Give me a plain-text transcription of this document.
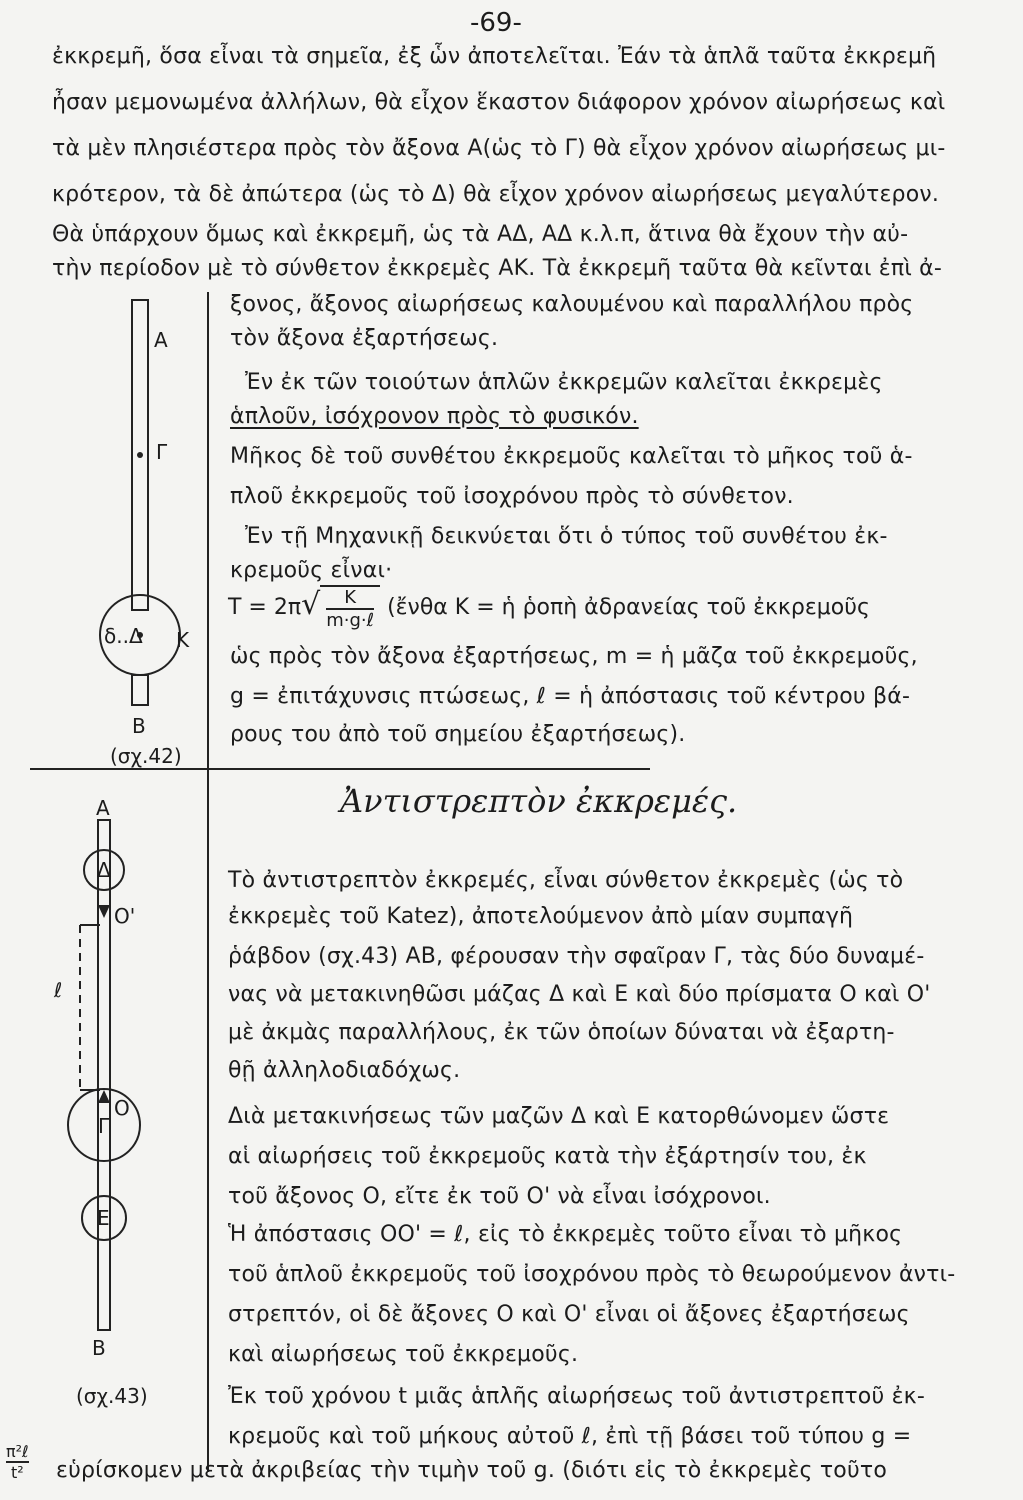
-69-
ἐκκρεμῆ, ὅσα εἶναι τὰ σημεῖα, ἐξ ὧν ἀποτελεῖται. Ἐάν τὰ ἁπλᾶ ταῦτα ἐκκρεμῆ
ἦσαν μεμονωμένα ἀλλήλων, θὰ εἶχον ἕκαστον διάφορον χρόνον αἰωρήσεως καὶ
τὰ μὲν πλησιέστερα πρὸς τὸν ἄξονα Α(ὡς τὸ Γ) θὰ εἶχον χρόνον αἰωρήσεως μι-
κρότερον, τὰ δὲ ἀπώτερα (ὡς τὸ Δ) θὰ εἶχον χρόνον αἰωρήσεως μεγαλύτερον.
Θὰ ὑπάρχουν ὅμως καὶ ἐκκρεμῆ, ὡς τὰ ΑΔ, ΑΔ κ.λ.π, ἅτινα θὰ ἔχουν τὴν αὐ-
τὴν περίοδον μὲ τὸ σύνθετον ἐκκρεμὲς ΑΚ. Τὰ ἐκκρεμῆ ταῦτα θὰ κεῖνται ἐπὶ ἀ-
ξονος, ἄξονος αἰωρήσεως καλουμένου καὶ παραλλήλου πρὸς
τὸν ἄξονα ἐξαρτήσεως.
Ἐν ἐκ τῶν τοιούτων ἁπλῶν ἐκκρεμῶν καλεῖται ἐκκρεμὲς
ἁπλοῦν, ἰσόχρονον πρὸς τὸ φυσικόν.
Μῆκος δὲ τοῦ συνθέτου ἐκκρεμοῦς καλεῖται τὸ μῆκος τοῦ ἁ-
πλοῦ ἐκκρεμοῦς τοῦ ἰσοχρόνου πρὸς τὸ σύνθετον.
Ἐν τῇ Μηχανικῇ δεικνύεται ὅτι ὁ τύπος τοῦ συνθέτου ἐκ-
κρεμοῦς εἶναι·
T = 2π√	K
m·g·ℓ
(ἔνθα K = ἡ ῥοπὴ ἀδρανείας τοῦ ἐκκρεμοῦς
ὡς πρὸς τὸν ἄξονα ἐξαρτήσεως, m = ἡ μᾶζα τοῦ ἐκκρεμοῦς,
g = ἐπιτάχυνσις πτώσεως, ℓ = ἡ ἀπόστασις τοῦ κέντρου βά-
ρους του ἀπὸ τοῦ σημείου ἐξαρτήσεως).
Ἀντιστρεπτὸν ἐκκρεμές.
Τὸ ἀντιστρεπτὸν ἐκκρεμές, εἶναι σύνθετον ἐκκρεμὲς (ὡς τὸ
ἐκκρεμὲς τοῦ Katez), ἀποτελούμενον ἀπὸ μίαν συμπαγῆ
ῥάβδον (σχ.43) ΑΒ, φέρουσαν τὴν σφαῖραν Γ, τὰς δύο δυναμέ-
νας νὰ μετακινηθῶσι μάζας Δ καὶ Ε καὶ δύο πρίσματα Ο καὶ Ο'
μὲ ἀκμὰς παραλλήλους, ἐκ τῶν ὁποίων δύναται νὰ ἐξαρτη-
θῇ ἀλληλοδιαδόχως.
Διὰ μετακινήσεως τῶν μαζῶν Δ καὶ Ε κατορθώνομεν ὥστε
αἱ αἰωρήσεις τοῦ ἐκκρεμοῦς κατὰ τὴν ἐξάρτησίν του, ἐκ
τοῦ ἄξονος Ο, εἴτε ἐκ τοῦ Ο' νὰ εἶναι ἰσόχρονοι.
Ἡ ἀπόστασις ΟΟ' = ℓ, εἰς τὸ ἐκκρεμὲς τοῦτο εἶναι τὸ μῆκος
τοῦ ἁπλοῦ ἐκκρεμοῦς τοῦ ἰσοχρόνου πρὸς τὸ θεωρούμενον ἀντι-
στρεπτόν, οἱ δὲ ἄξονες Ο καὶ Ο' εἶναι οἱ ἄξονες ἐξαρτήσεως
καὶ αἰωρήσεως τοῦ ἐκκρεμοῦς.
Ἐκ τοῦ χρόνου t μιᾶς ἁπλῆς αἰωρήσεως τοῦ ἀντιστρεπτοῦ ἐκ-
κρεμοῦς καὶ τοῦ μήκους αὐτοῦ ℓ, ἐπὶ τῇ βάσει τοῦ τύπου g =
π²ℓ
t² εὑρίσκομεν μετὰ ἀκριβείας τὴν τιμὴν τοῦ g. (διότι εἰς τὸ ἐκκρεμὲς τοῦτο
Α
Γ
δ..Δ Κ
Β
(σχ.42)
Α
Δ
Ο'
ℓ
Ο
Γ
Ε
Β
(σχ.43)
